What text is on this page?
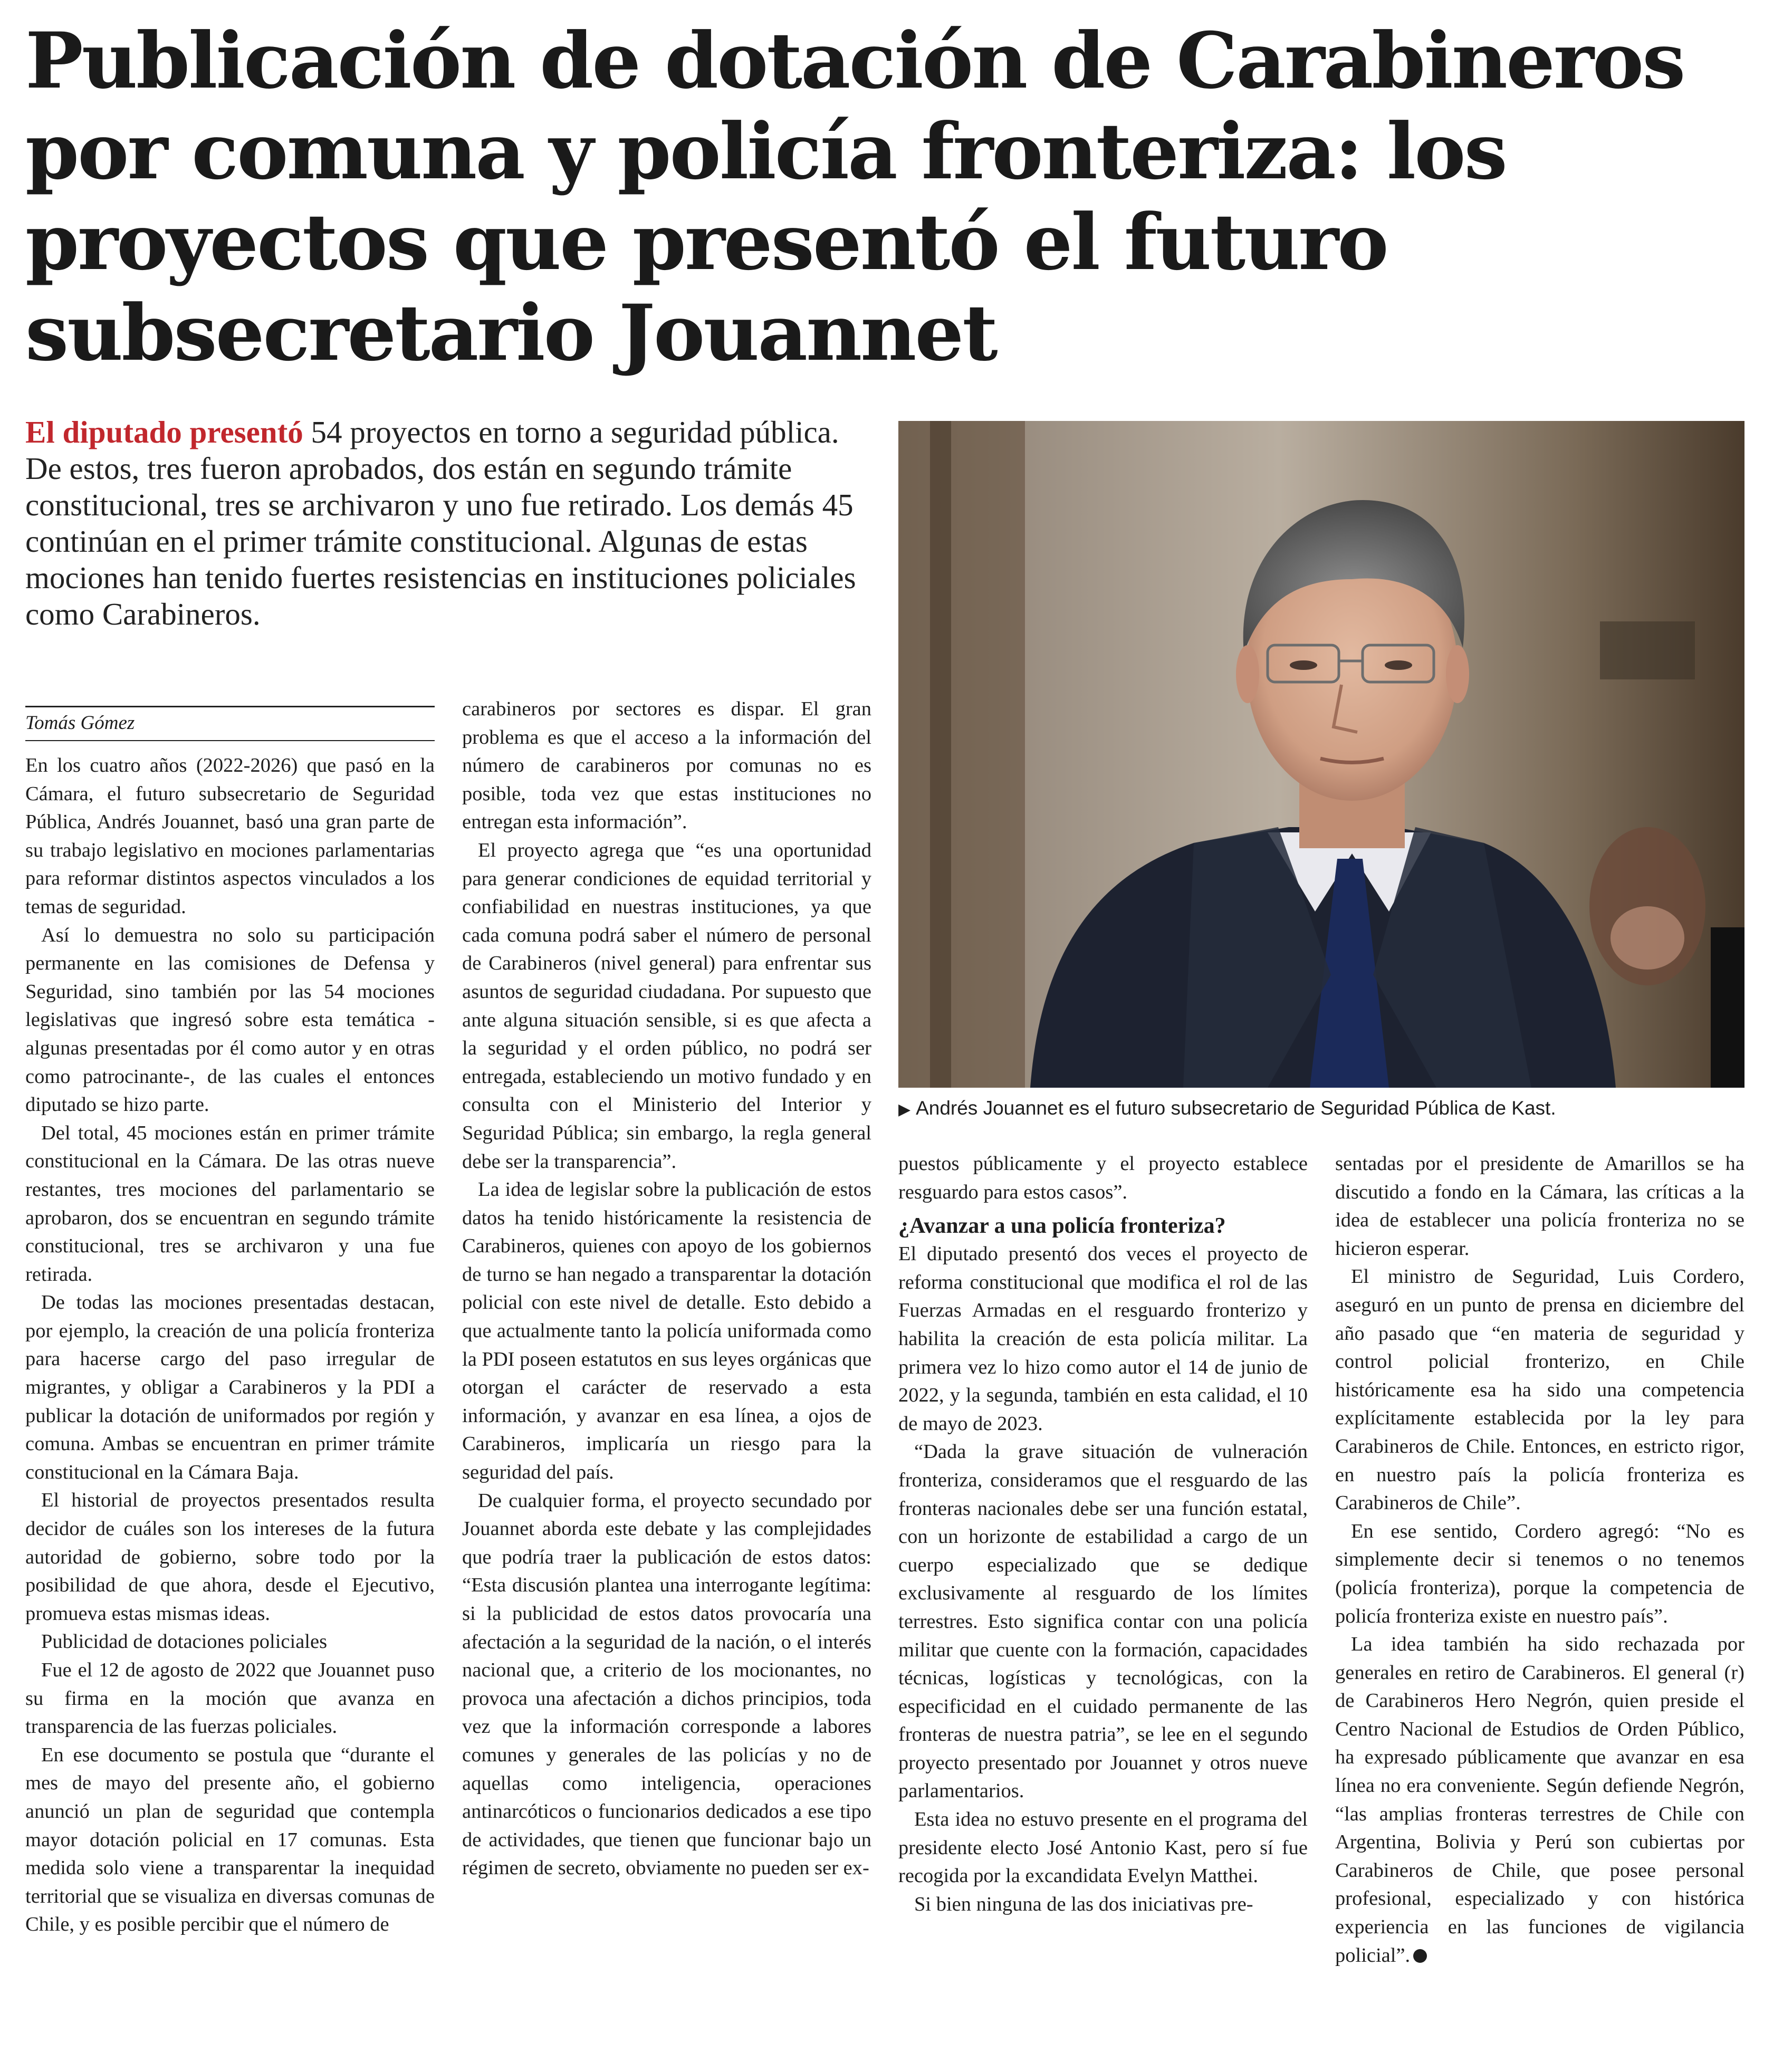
Publicación de dotación de Carabineros
por comuna y policía fronteriza: los
proyectos que presentó el futuro
subsecretario Jouannet

El diputado presentó 54 proyectos en torno a seguridad pública. De estos, tres fueron aprobados, dos están en segundo trámite constitucional, tres se archivaron y uno fue retirado. Los demás 45 continúan en el primer trámite constitucional. Algunas de estas mociones han tenido fuertes resistencias en instituciones policiales como Carabineros.

Tomás Gómez

En los cuatro años (2022-2026) que pasó en la Cámara, el futuro subsecretario de Seguridad Pública, Andrés Jouannet, basó una gran parte de su trabajo legislativo en mociones parlamentarias para reformar distintos aspectos vinculados a los temas de seguridad.

Así lo demuestra no solo su participación permanente en las comisiones de Defensa y Seguridad, sino también por las 54 mociones legislativas que ingresó sobre esta temática -algunas presentadas por él como autor y en otras como patrocinante-, de las cuales el entonces diputado se hizo parte.

Del total, 45 mociones están en primer trámite constitucional en la Cámara. De las otras nueve restantes, tres mociones del parlamentario se aprobaron, dos se encuentran en segundo trámite constitucional, tres se archivaron y una fue retirada.

De todas las mociones presentadas destacan, por ejemplo, la creación de una policía fronteriza para hacerse cargo del paso irregular de migrantes, y obligar a Carabineros y la PDI a publicar la dotación de uniformados por región y comuna. Ambas se encuentran en primer trámite constitucional en la Cámara Baja.

El historial de proyectos presentados resulta decidor de cuáles son los intereses de la futura autoridad de gobierno, sobre todo por la posibilidad de que ahora, desde el Ejecutivo, promueva estas mismas ideas.

Publicidad de dotaciones policiales

Fue el 12 de agosto de 2022 que Jouannet puso su firma en la moción que avanza en transparencia de las fuerzas policiales.

En ese documento se postula que “durante el mes de mayo del presente año, el gobierno anunció un plan de seguridad que contempla mayor dotación policial en 17 comunas. Esta medida solo viene a transparentar la inequidad territorial que se visualiza en diversas comunas de Chile, y es posible percibir que el número de

carabineros por sectores es dispar. El gran problema es que el acceso a la información del número de carabineros por comunas no es posible, toda vez que estas instituciones no entregan esta información”.

El proyecto agrega que “es una oportunidad para generar condiciones de equidad territorial y confiabilidad en nuestras instituciones, ya que cada comuna podrá saber el número de personal de Carabineros (nivel general) para enfrentar sus asuntos de seguridad ciudadana. Por supuesto que ante alguna situación sensible, si es que afecta a la seguridad y el orden público, no podrá ser entregada, estableciendo un motivo fundado y en consulta con el Ministerio del Interior y Seguridad Pública; sin embargo, la regla general debe ser la transparencia”.

La idea de legislar sobre la publicación de estos datos ha tenido históricamente la resistencia de Carabineros, quienes con apoyo de los gobiernos de turno se han negado a transparentar la dotación policial con este nivel de detalle. Esto debido a que actualmente tanto la policía uniformada como la PDI poseen estatutos en sus leyes orgánicas que otorgan el carácter de reservado a esta información, y avanzar en esa línea, a ojos de Carabineros, implicaría un riesgo para la seguridad del país.

De cualquier forma, el proyecto secundado por Jouannet aborda este debate y las complejidades que podría traer la publicación de estos datos: “Esta discusión plantea una interrogante legítima: si la publicidad de estos datos provocaría una afectación a la seguridad de la nación, o el interés nacional que, a criterio de los mocionantes, no provoca una afectación a dichos principios, toda vez que la información corresponde a labores comunes y generales de las policías y no de aquellas como inteligencia, operaciones antinarcóticos o funcionarios dedicados a ese tipo de actividades, que tienen que funcionar bajo un régimen de secreto, obviamente no pueden ser ex-

▶ Andrés Jouannet es el futuro subsecretario de Seguridad Pública de Kast.

puestos públicamente y el proyecto establece resguardo para estos casos”.

¿Avanzar a una policía fronteriza?

El diputado presentó dos veces el proyecto de reforma constitucional que modifica el rol de las Fuerzas Armadas en el resguardo fronterizo y habilita la creación de esta policía militar. La primera vez lo hizo como autor el 14 de junio de 2022, y la segunda, también en esta calidad, el 10 de mayo de 2023.

“Dada la grave situación de vulneración fronteriza, consideramos que el resguardo de las fronteras nacionales debe ser una función estatal, con un horizonte de estabilidad a cargo de un cuerpo especializado que se dedique exclusivamente al resguardo de los límites terrestres. Esto significa contar con una policía militar que cuente con la formación, capacidades técnicas, logísticas y tecnológicas, con la especificidad en el cuidado permanente de las fronteras de nuestra patria”, se lee en el segundo proyecto presentado por Jouannet y otros nueve parlamentarios.

Esta idea no estuvo presente en el programa del presidente electo José Antonio Kast, pero sí fue recogida por la excandidata Evelyn Matthei.

Si bien ninguna de las dos iniciativas pre-

sentadas por el presidente de Amarillos se ha discutido a fondo en la Cámara, las críticas a la idea de establecer una policía fronteriza no se hicieron esperar.

El ministro de Seguridad, Luis Cordero, aseguró en un punto de prensa en diciembre del año pasado que “en materia de seguridad y control policial fronterizo, en Chile históricamente esa ha sido una competencia explícitamente establecida por la ley para Carabineros de Chile. Entonces, en estricto rigor, en nuestro país la policía fronteriza es Carabineros de Chile”.

En ese sentido, Cordero agregó: “No es simplemente decir si tenemos o no tenemos (policía fronteriza), porque la competencia de policía fronteriza existe en nuestro país”.

La idea también ha sido rechazada por generales en retiro de Carabineros. El general (r) de Carabineros Hero Negrón, quien preside el Centro Nacional de Estudios de Orden Público, ha expresado públicamente que avanzar en esa línea no era conveniente. Según defiende Negrón, “las amplias fronteras terrestres de Chile con Argentina, Bolivia y Perú son cubiertas por Carabineros de Chile, que posee personal profesional, especializado y con histórica experiencia en las funciones de vigilancia policial”.
